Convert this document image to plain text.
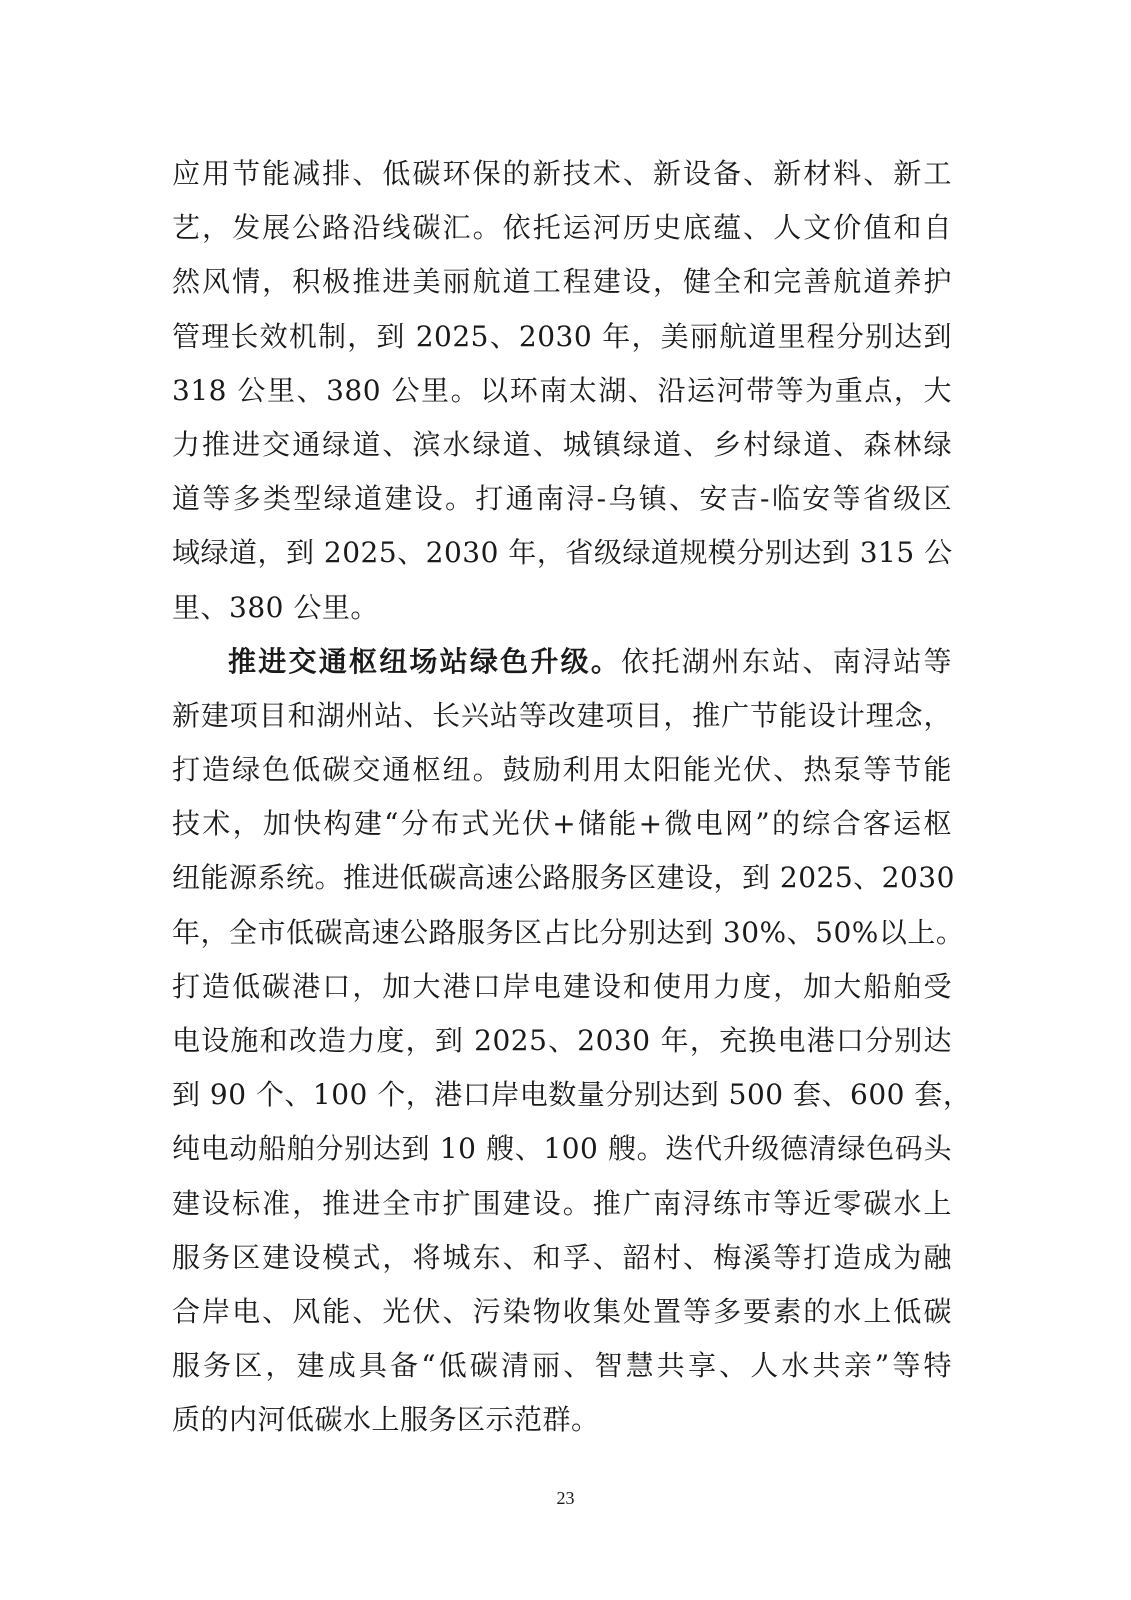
应用节能减排、低碳环保的新技术、新设备、新材料、新工
艺，发展公路沿线碳汇。依托运河历史底蕴、人文价值和自
然风情，积极推进美丽航道工程建设，健全和完善航道养护
管理长效机制，到 2025、2030 年，美丽航道里程分别达到
318 公里、380 公里。以环南太湖、沿运河带等为重点，大
力推进交通绿道、滨水绿道、城镇绿道、乡村绿道、森林绿
道等多类型绿道建设。打通南浔-乌镇、安吉-临安等省级区
域绿道，到 2025、2030 年，省级绿道规模分别达到 315 公
里、380 公里。
推进交通枢纽场站绿色升级。依托湖州东站、南浔站等
新建项目和湖州站、长兴站等改建项目，推广节能设计理念，
打造绿色低碳交通枢纽。鼓励利用太阳能光伏、热泵等节能
技术，加快构建“分布式光伏+储能+微电网”的综合客运枢
纽能源系统。推进低碳高速公路服务区建设，到 2025、2030
年，全市低碳高速公路服务区占比分别达到 30%、50%以上。
打造低碳港口，加大港口岸电建设和使用力度，加大船舶受
电设施和改造力度，到 2025、2030 年，充换电港口分别达
到 90 个、100 个，港口岸电数量分别达到 500 套、600 套，
纯电动船舶分别达到 10 艘、100 艘。迭代升级德清绿色码头
建设标准，推进全市扩围建设。推广南浔练市等近零碳水上
服务区建设模式，将城东、和孚、韶村、梅溪等打造成为融
合岸电、风能、光伏、污染物收集处置等多要素的水上低碳
服务区，建成具备“低碳清丽、智慧共享、人水共亲”等特
质的内河低碳水上服务区示范群。
23
